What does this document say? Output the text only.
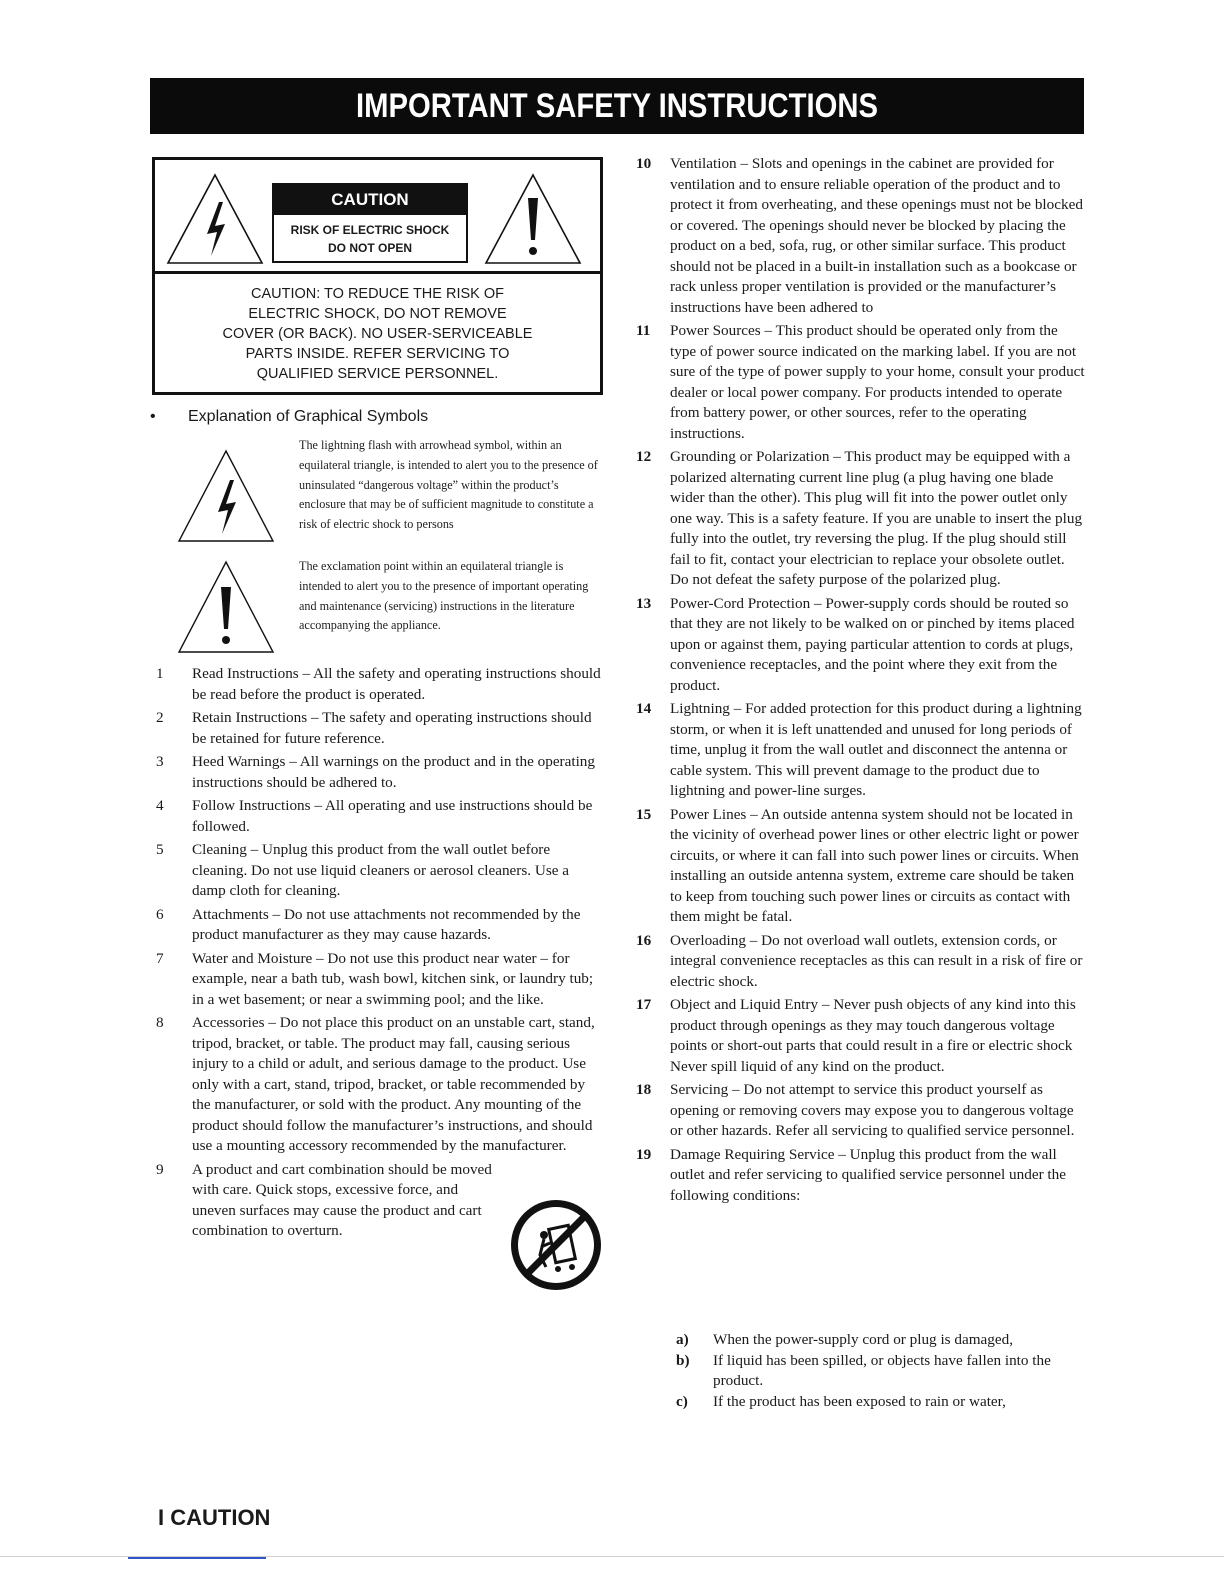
IMPORTANT SAFETY INSTRUCTIONS
CAUTION
RISK OF ELECTRIC SHOCK
DO NOT OPEN
CAUTION: TO REDUCE THE RISK OF
ELECTRIC SHOCK, DO NOT REMOVE
COVER (OR BACK). NO USER-SERVICEABLE
PARTS INSIDE. REFER SERVICING TO
QUALIFIED SERVICE PERSONNEL.
• Explanation of Graphical Symbols
The lightning flash with arrowhead symbol, within an equilateral triangle, is intended to alert you to the presence of uninsulated “dangerous voltage” within the product’s enclosure that may be of sufficient magnitude to constitute a risk of electric shock to persons
The exclamation point within an equilateral triangle is intended to alert you to the presence of important operating and maintenance (servicing) instructions in the literature accompanying the appliance.
1 Read Instructions – All the safety and operating instructions should be read before the product is operated.
2 Retain Instructions – The safety and operating instructions should be retained for future reference.
3 Heed Warnings – All warnings on the product and in the operating instructions should be adhered to.
4 Follow Instructions – All operating and use instructions should be followed.
5 Cleaning – Unplug this product from the wall outlet before cleaning. Do not use liquid cleaners or aerosol cleaners. Use a damp cloth for cleaning.
6 Attachments – Do not use attachments not recommended by the product manufacturer as they may cause hazards.
7 Water and Moisture – Do not use this product near water – for example, near a bath tub, wash bowl, kitchen sink, or laundry tub; in a wet basement; or near a swimming pool; and the like.
8 Accessories – Do not place this product on an unstable cart, stand, tripod, bracket, or table. The product may fall, causing serious injury to a child or adult, and serious damage to the product. Use only with a cart, stand, tripod, bracket, or table recommended by the manufacturer, or sold with the product. Any mounting of the product should follow the manufacturer’s instructions, and should use a mounting accessory recommended by the manufacturer.
9 A product and cart combination should be moved with care. Quick stops, excessive force, and uneven surfaces may cause the product and cart combination to overturn.
10 Ventilation – Slots and openings in the cabinet are provided for ventilation and to ensure reliable operation of the product and to protect it from overheating, and these openings must not be blocked or covered. The openings should never be blocked by placing the product on a bed, sofa, rug, or other similar surface. This product should not be placed in a built-in installation such as a bookcase or rack unless proper ventilation is provided or the manufacturer’s instructions have been adhered to
11 Power Sources – This product should be operated only from the type of power source indicated on the marking label. If you are not sure of the type of power supply to your home, consult your product dealer or local power company. For products intended to operate from battery power, or other sources, refer to the operating instructions.
12 Grounding or Polarization – This product may be equipped with a polarized alternating current line plug (a plug having one blade wider than the other). This plug will fit into the power outlet only one way. This is a safety feature. If you are unable to insert the plug fully into the outlet, try reversing the plug. If the plug should still fail to fit, contact your electrician to replace your obsolete outlet. Do not defeat the safety purpose of the polarized plug.
13 Power-Cord Protection – Power-supply cords should be routed so that they are not likely to be walked on or pinched by items placed upon or against them, paying particular attention to cords at plugs, convenience receptacles, and the point where they exit from the product.
14 Lightning – For added protection for this product during a lightning storm, or when it is left unattended and unused for long periods of time, unplug it from the wall outlet and disconnect the antenna or cable system. This will prevent damage to the product due to lightning and power-line surges.
15 Power Lines – An outside antenna system should not be located in the vicinity of overhead power lines or other electric light or power circuits, or where it can fall into such power lines or circuits. When installing an outside antenna system, extreme care should be taken to keep from touching such power lines or circuits as contact with them might be fatal.
16 Overloading – Do not overload wall outlets, extension cords, or integral convenience receptacles as this can result in a risk of fire or electric shock.
17 Object and Liquid Entry – Never push objects of any kind into this product through openings as they may touch dangerous voltage points or short-out parts that could result in a fire or electric shock Never spill liquid of any kind on the product.
18 Servicing – Do not attempt to service this product yourself as opening or removing covers may expose you to dangerous voltage or other hazards. Refer all servicing to qualified service personnel.
19 Damage Requiring Service – Unplug this product from the wall outlet and refer servicing to qualified service personnel under the following conditions:
a) When the power-supply cord or plug is damaged,
b) If liquid has been spilled, or objects have fallen into the product.
c) If the product has been exposed to rain or water,
I CAUTION
